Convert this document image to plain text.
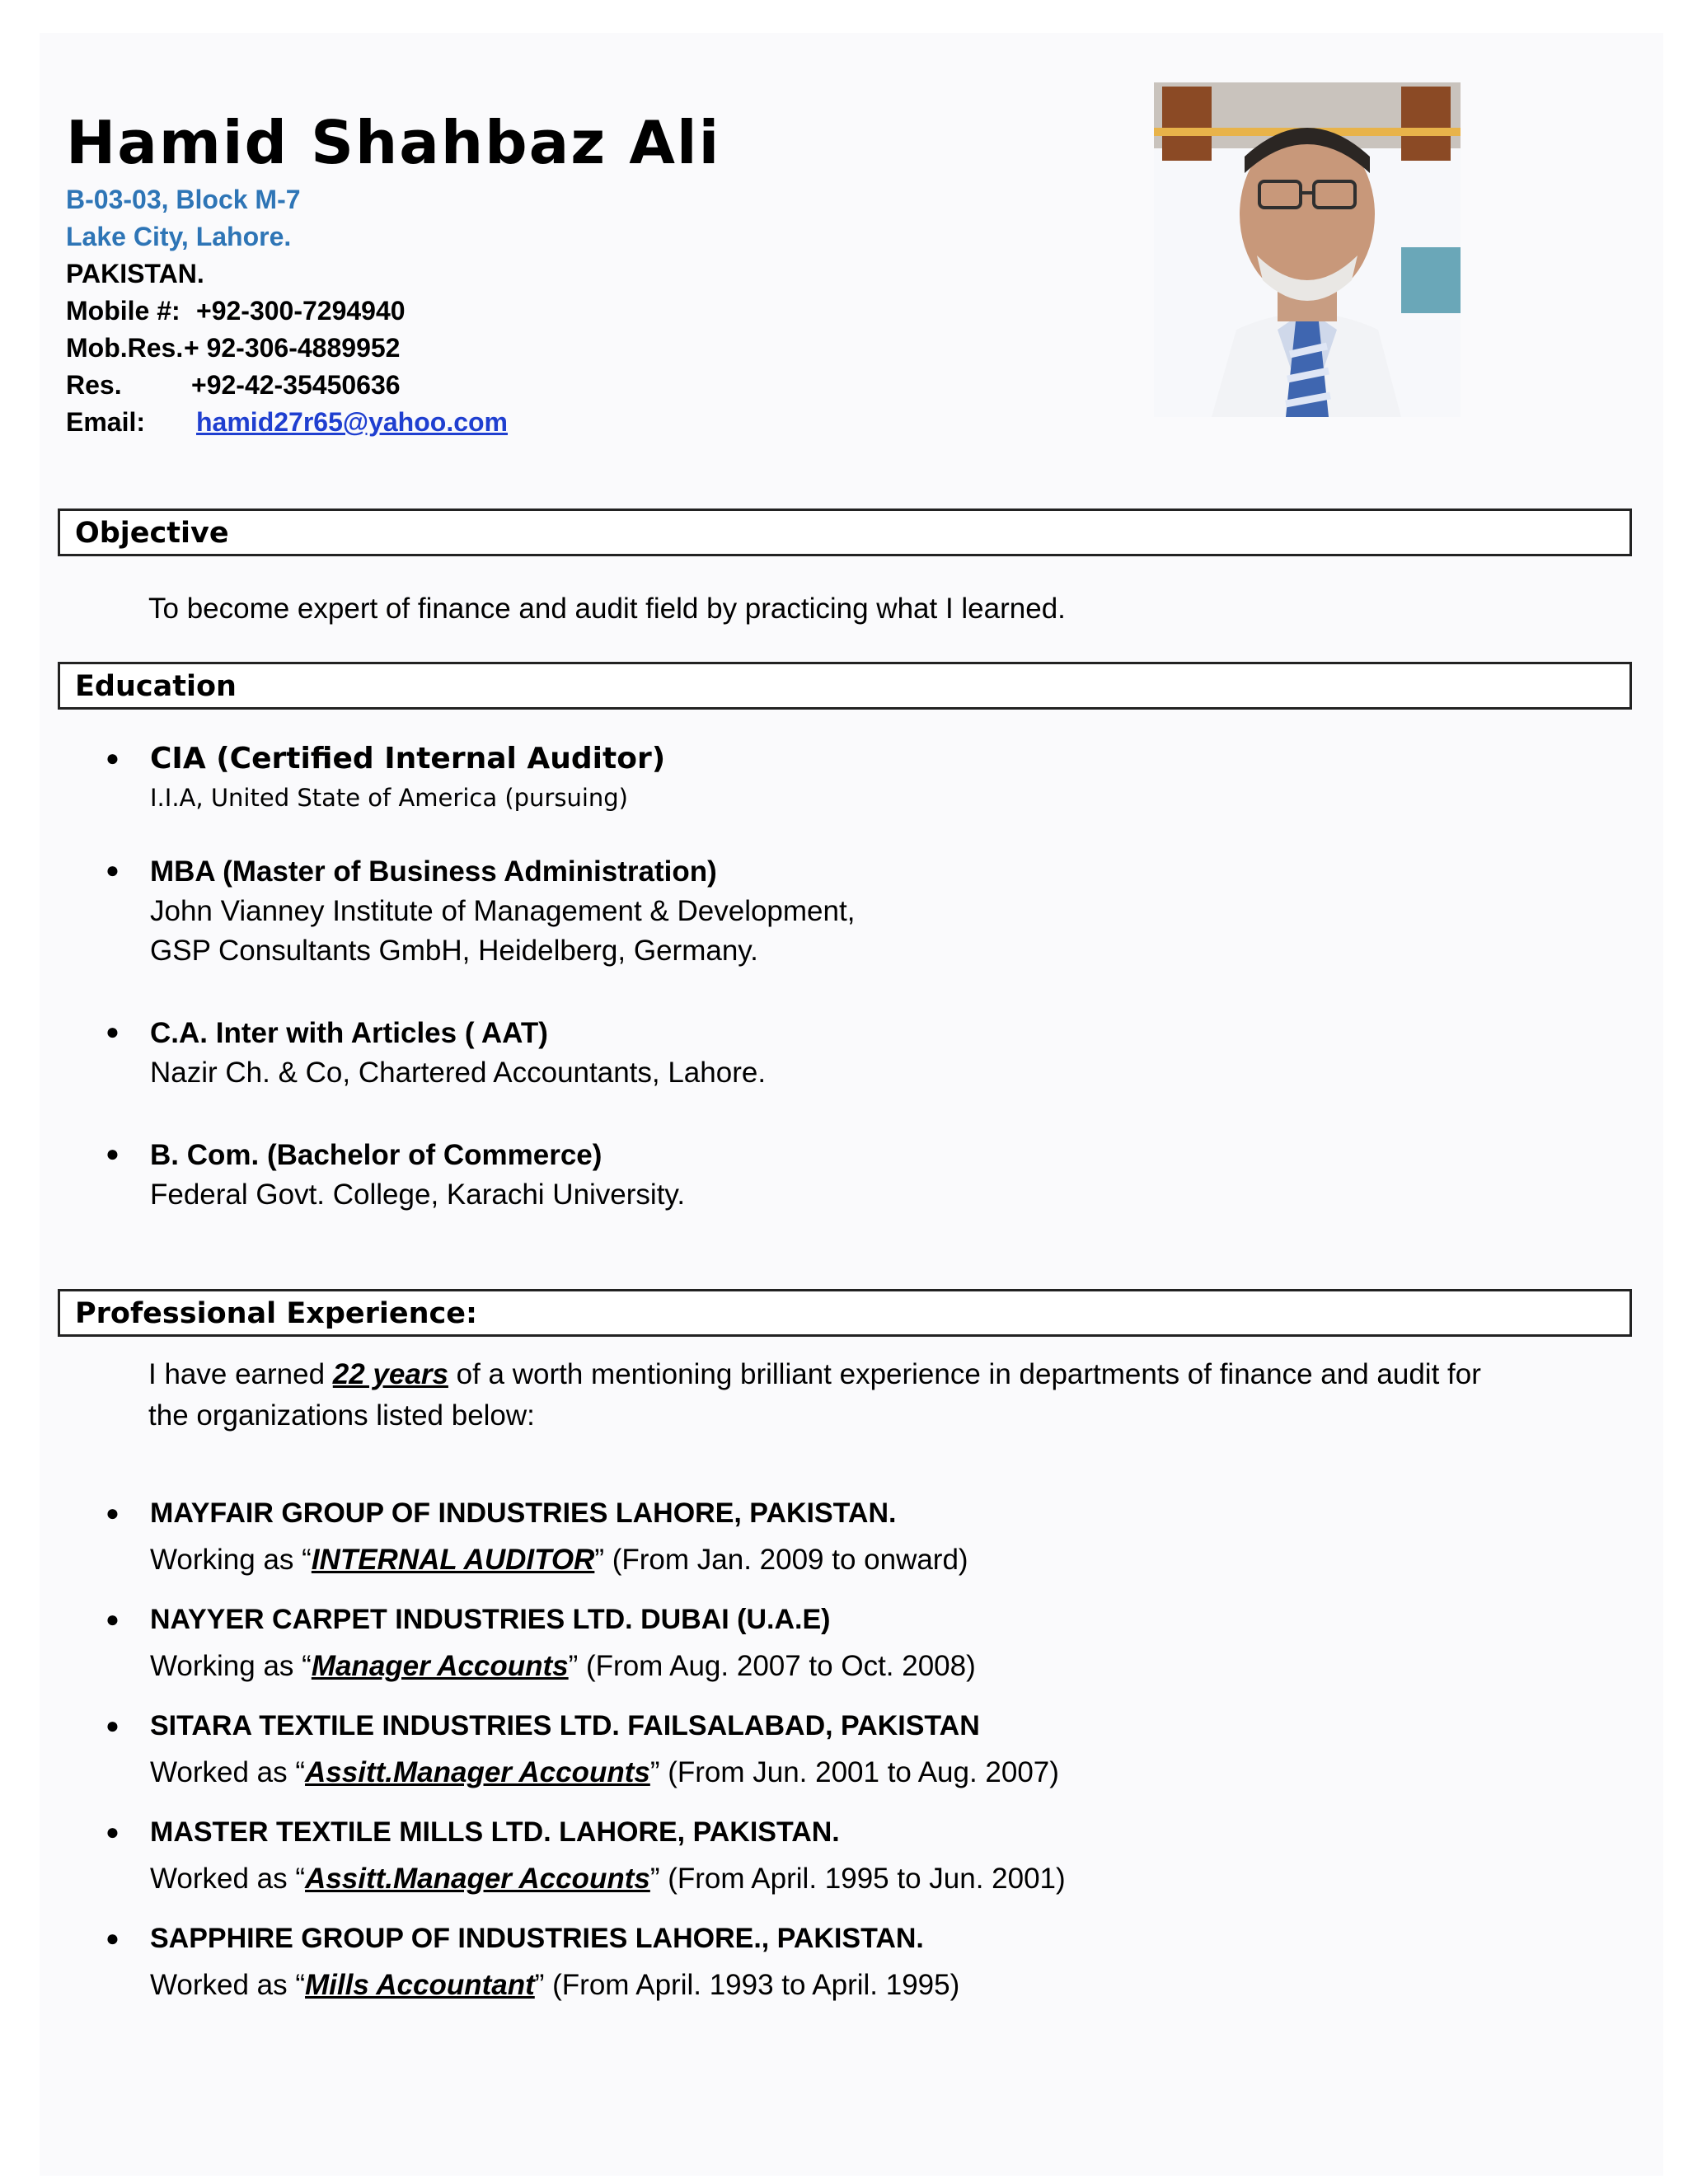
Hamid Shahbaz Ali
B-03-03, Block M-7
Lake City, Lahore.
PAKISTAN.
Mobile #: +92-300-7294940
Mob.Res.+ 92-306-4889952
Res.	+92-42-35450636
Email: hamid27r65@yahoo.com
Objective
To become expert of finance and audit field by practicing what I learned.
Education
● CIA (Certified Internal Auditor)
I.I.A, United State of America (pursuing)
● MBA (Master of Business Administration)
John Vianney Institute of Management & Development,
GSP Consultants GmbH, Heidelberg, Germany.
● C.A. Inter with Articles ( AAT)
Nazir Ch. & Co, Chartered Accountants, Lahore.
● B. Com. (Bachelor of Commerce)
Federal Govt. College, Karachi University.
Professional Experience:
I have earned 22 years of a worth mentioning brilliant experience in departments of finance and audit for
the organizations listed below:
● MAYFAIR GROUP OF INDUSTRIES LAHORE, PAKISTAN.
Working as “INTERNAL AUDITOR” (From Jan. 2009 to onward)
● NAYYER CARPET INDUSTRIES LTD. DUBAI (U.A.E)
Working as “Manager Accounts” (From Aug. 2007 to Oct. 2008)
● SITARA TEXTILE INDUSTRIES LTD. FAILSALABAD, PAKISTAN
Worked as “Assitt.Manager Accounts” (From Jun. 2001 to Aug. 2007)
● MASTER TEXTILE MILLS LTD. LAHORE, PAKISTAN.
Worked as “Assitt.Manager Accounts” (From April. 1995 to Jun. 2001)
● SAPPHIRE GROUP OF INDUSTRIES LAHORE., PAKISTAN.
Worked as “Mills Accountant” (From April. 1993 to April. 1995)
